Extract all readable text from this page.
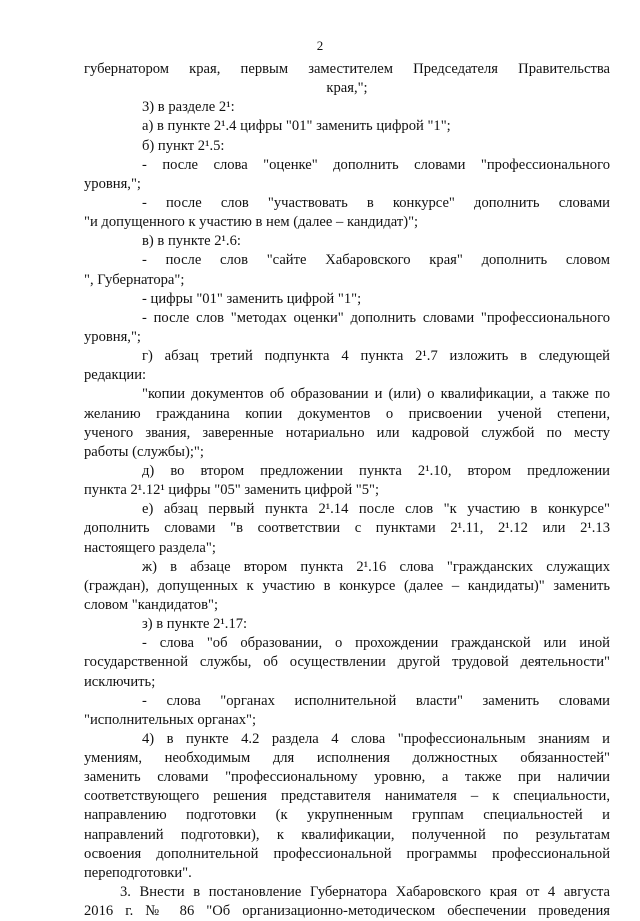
2
губернатором края, первым заместителем Председателя Правительства
края,";
3) в разделе 2¹:
а) в пункте 2¹.4 цифры "01" заменить цифрой "1";
б) пункт 2¹.5:
- после слова "оценке" дополнить словами "профессионального
уровня,";
- после слов "участвовать в конкурсе" дополнить словами
"и допущенного к участию в нем (далее – кандидат)";
в) в пункте 2¹.6:
- после слов "сайте Хабаровского края" дополнить словом
", Губернатора";
- цифры "01" заменить цифрой "1";
- после слов "методах оценки" дополнить словами "профессионального
уровня,";
г) абзац третий подпункта 4 пункта 2¹.7 изложить в следующей
редакции:
"копии документов об образовании и (или) о квалификации, а также по
желанию гражданина копии документов о присвоении ученой степени,
ученого звания, заверенные нотариально или кадровой службой по месту
работы (службы);";
д) во втором предложении пункта 2¹.10, втором предложении
пункта 2¹.12¹ цифры "05" заменить цифрой "5";
е) абзац первый пункта 2¹.14 после слов "к участию в конкурсе"
дополнить словами "в соответствии с пунктами 2¹.11, 2¹.12 или 2¹.13
настоящего раздела";
ж) в абзаце втором пункта 2¹.16 слова "гражданских служащих
(граждан), допущенных к участию в конкурсе (далее – кандидаты)" заменить
словом "кандидатов";
з) в пункте 2¹.17:
- слова "об образовании, о прохождении гражданской или иной
государственной службы, об осуществлении другой трудовой деятельности"
исключить;
- слова "органах исполнительной власти" заменить словами
"исполнительных органах";
4) в пункте 4.2 раздела 4 слова "профессиональным знаниям и
умениям, необходимым для исполнения должностных обязанностей"
заменить словами "профессиональному уровню, а также при наличии
соответствующего решения представителя нанимателя – к специальности,
направлению подготовки (к укрупненным группам специальностей и
направлений подготовки), к квалификации, полученной по результатам
освоения дополнительной профессиональной программы профессиональной
переподготовки".
3. Внести в постановление Губернатора Хабаровского края от 4 августа
2016 г. № 86 "Об организационно-методическом обеспечении проведения
